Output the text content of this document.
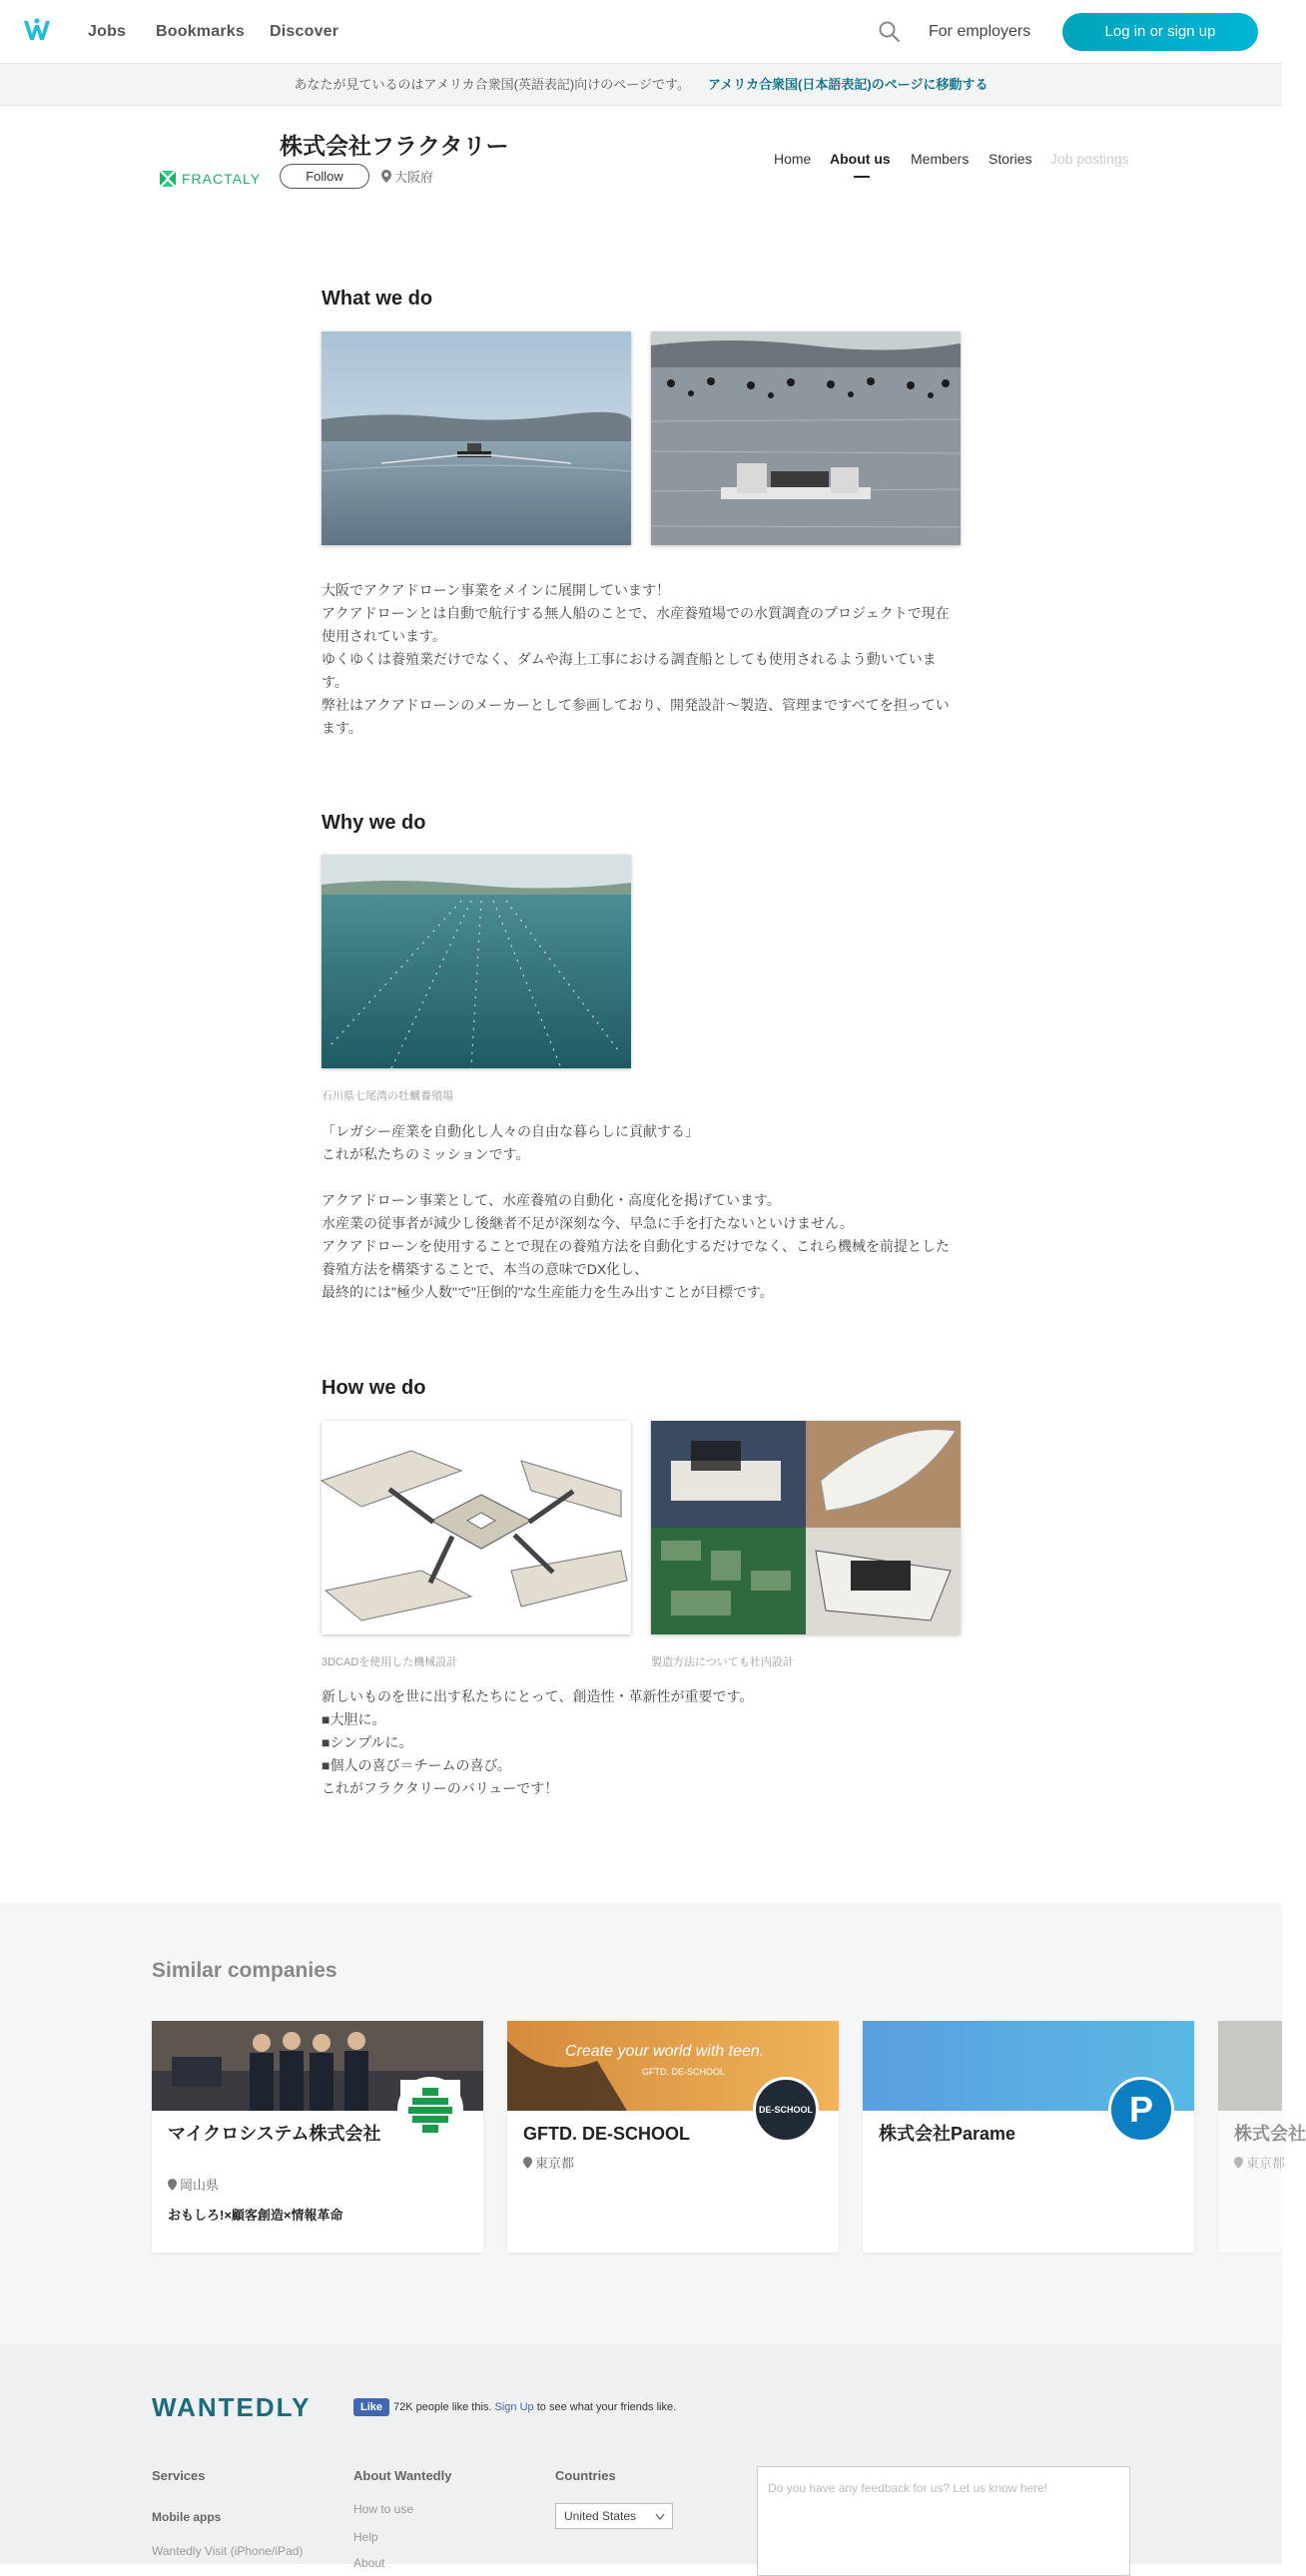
Jobs Bookmarks Discover	For employers	Log in or sign up
あなたが見ているのはアメリカ合衆国(英語表記)向けのページです。 アメリカ合衆国(日本語表記)のページに移動する
FRACTALY
株式会社フラクタリー
Follow	大阪府
Home About us Members Stories Job postings
What we do

大阪でアクアドローン事業をメインに展開しています！

アクアドローンとは自動で航行する無人船のことで、水産養殖場での水質調査のプロジェクトで現在

使用されています。

ゆくゆくは養殖業だけでなく、ダムや海上工事における調査船としても使用されるよう動いていま

す。

弊社はアクアドローンのメーカーとして参画しており、開発設計～製造、管理まですべてを担ってい

ます。

Why we do
石川県七尾湾の牡蠣養殖場

「レガシー産業を自動化し人々の自由な暮らしに貢献する」

これが私たちのミッションです。

アクアドローン事業として、水産養殖の自動化・高度化を掲げています。

水産業の従事者が減少し後継者不足が深刻な今、早急に手を打たないといけません。

アクアドローンを使用することで現在の養殖方法を自動化するだけでなく、これら機械を前提とした

養殖方法を構築することで、本当の意味でDX化し、

最終的には"極少人数"で"圧倒的"な生産能力を生み出すことが目標です。

How we do
3DCADを使用した機械設計	製造方法についても社内設計

新しいものを世に出す私たちにとって、創造性・革新性が重要です。

■大胆に。

■シンプルに。

■個人の喜び＝チームの喜び。

これがフラクタリーのバリューです！

Similar companies
マイクロシステム株式会社
岡山県
おもしろ!×顧客創造×情報革命
Create your world with teen.
GFTD. DE-SCHOOL
DE-SCHOOL
GFTD. DE-SCHOOL
東京都
P
株式会社Parame	株式会社
東京都
WANTEDLY	Like 72K people like this. Sign Up to see what your friends like.
Services
Mobile apps
Wantedly Visit (iPhone/iPad)
About Wantedly
How to use
Help
About
Countries
United States
Do you have any feedback for us? Let us know here!
